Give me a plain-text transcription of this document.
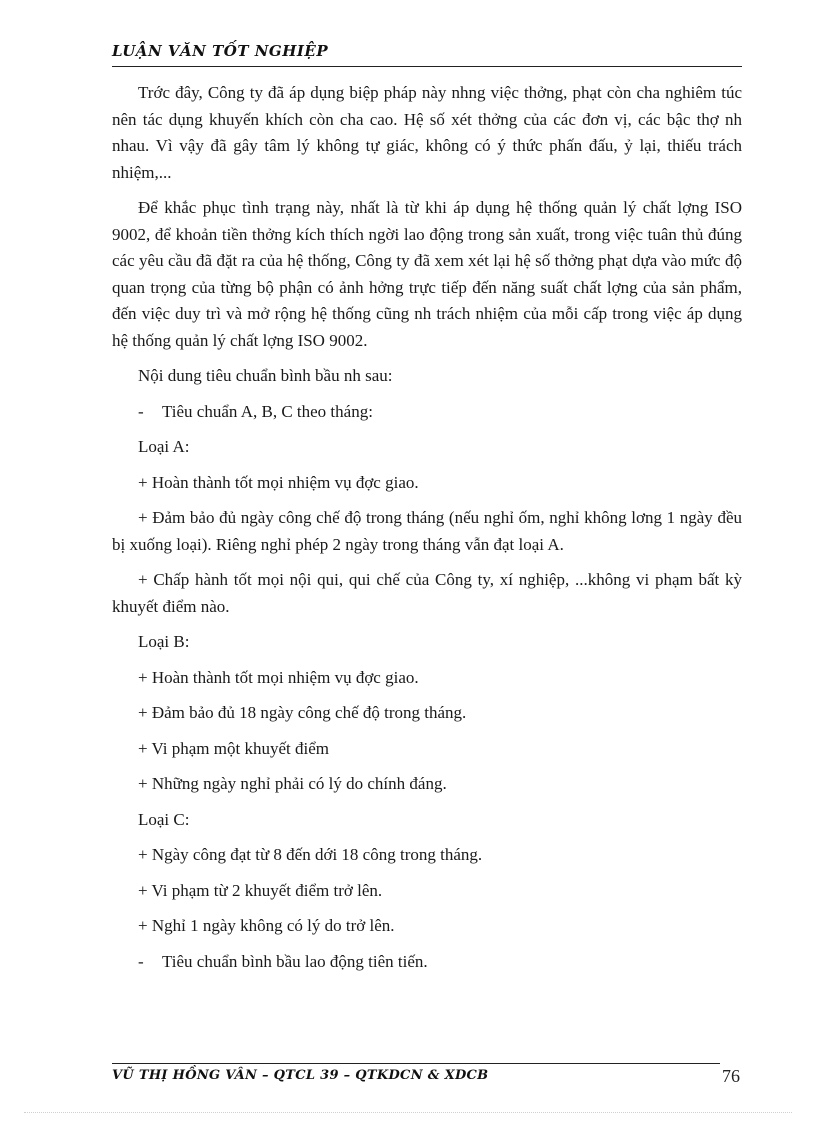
LUẬN VĂN TỐT NGHIỆP

Trớc đây, Công ty đã áp dụng biệp pháp này nhng việc thởng, phạt còn cha nghiêm túc nên tác dụng khuyến khích còn cha cao. Hệ số xét thởng của các đơn vị, các bậc thợ nh nhau. Vì vậy đã gây tâm lý không tự giác, không có ý thức phấn đấu, ỷ lại, thiếu trách nhiệm,...

Để khắc phục tình trạng này, nhất là từ khi áp dụng hệ thống quản lý chất lợng ISO 9002, để khoản tiền thởng kích thích ngời lao động trong sản xuất, trong việc tuân thủ đúng các yêu cầu đã đặt ra của hệ thống, Công ty đã xem xét lại hệ số thởng phạt dựa vào mức độ quan trọng của từng bộ phận có ảnh hởng trực tiếp đến năng suất chất lợng của sản phẩm, đến việc duy trì và mở rộng hệ thống cũng nh trách nhiệm của mỗi cấp trong việc áp dụng hệ thống quản lý chất lợng ISO 9002.

Nội dung tiêu chuẩn bình bầu nh sau:

- Tiêu chuẩn A, B, C theo tháng:

Loại A:

+ Hoàn thành tốt mọi nhiệm vụ đợc giao.

+ Đảm bảo đủ ngày công chế độ trong tháng (nếu nghỉ ốm, nghỉ không lơng 1 ngày đều bị xuống loại). Riêng nghỉ phép 2 ngày trong tháng vẫn đạt loại A.

+ Chấp hành tốt mọi nội qui, qui chế của Công ty, xí nghiệp, ...không vi phạm bất kỳ khuyết điểm nào.

Loại B:

+ Hoàn thành tốt mọi nhiệm vụ đợc giao.

+ Đảm bảo đủ 18 ngày công chế độ trong tháng.

+ Vi phạm một khuyết điểm

+ Những ngày nghỉ phải có lý do chính đáng.

Loại C:

+ Ngày công đạt từ 8 đến dới 18 công trong tháng.

+ Vi phạm từ 2 khuyết điểm trở lên.

+ Nghỉ 1 ngày không có lý do trở lên.

- Tiêu chuẩn bình bầu lao động tiên tiến.

VŨ THỊ HỒNG VÂN – QTCL 39 – QTKDCN & XDCB	76
